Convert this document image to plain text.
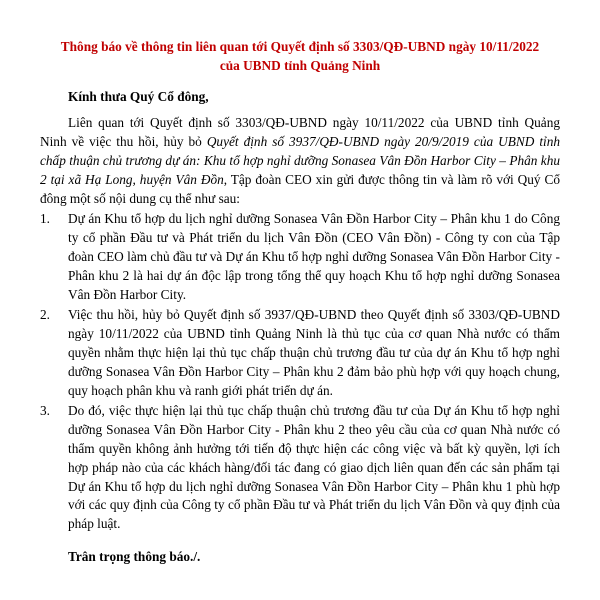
Thông báo về thông tin liên quan tới Quyết định số 3303/QĐ-UBND ngày 10/11/2022 của UBND tỉnh Quảng Ninh
Kính thưa Quý Cổ đông,
Liên quan tới Quyết định số 3303/QĐ-UBND ngày 10/11/2022 của UBND tỉnh Quảng Ninh về việc thu hồi, hủy bỏ Quyết định số 3937/QĐ-UBND ngày 20/9/2019 của UBND tỉnh chấp thuận chủ trương dự án: Khu tổ hợp nghỉ dưỡng Sonasea Vân Đồn Harbor City – Phân khu 2 tại xã Hạ Long, huyện Vân Đồn, Tập đoàn CEO xin gửi được thông tin và làm rõ với Quý Cổ đông một số nội dung cụ thể như sau:
1. Dự án Khu tổ hợp du lịch nghỉ dưỡng Sonasea Vân Đồn Harbor City – Phân khu 1 do Công ty cổ phần Đầu tư và Phát triển du lịch Vân Đồn (CEO Vân Đồn) - Công ty con của Tập đoàn CEO làm chủ đầu tư và Dự án Khu tổ hợp nghỉ dưỡng Sonasea Vân Đồn Harbor City - Phân khu 2 là hai dự án độc lập trong tổng thể quy hoạch Khu tổ hợp nghỉ dưỡng Sonasea Vân Đồn Harbor City.
2. Việc thu hồi, hủy bỏ Quyết định số 3937/QĐ-UBND theo Quyết định số 3303/QĐ-UBND ngày 10/11/2022 của UBND tỉnh Quảng Ninh là thủ tục của cơ quan Nhà nước có thẩm quyền nhằm thực hiện lại thủ tục chấp thuận chủ trương đầu tư của dự án Khu tổ hợp nghỉ dưỡng Sonasea Vân Đồn Harbor City – Phân khu 2 đảm bảo phù hợp với quy hoạch chung, quy hoạch phân khu và ranh giới phát triển dự án.
3. Do đó, việc thực hiện lại thủ tục chấp thuận chủ trương đầu tư của Dự án Khu tổ hợp nghỉ dưỡng Sonasea Vân Đồn Harbor City - Phân khu 2 theo yêu cầu của cơ quan Nhà nước có thẩm quyền không ảnh hưởng tới tiến độ thực hiện các công việc và bất kỳ quyền, lợi ích hợp pháp nào của các khách hàng/đối tác đang có giao dịch liên quan đến các sản phẩm tại Dự án Khu tổ hợp du lịch nghỉ dưỡng Sonasea Vân Đồn Harbor City – Phân khu 1 phù hợp với các quy định của Công ty cổ phần Đầu tư và Phát triển du lịch Vân Đồn và quy định của pháp luật.
Trân trọng thông báo./.
